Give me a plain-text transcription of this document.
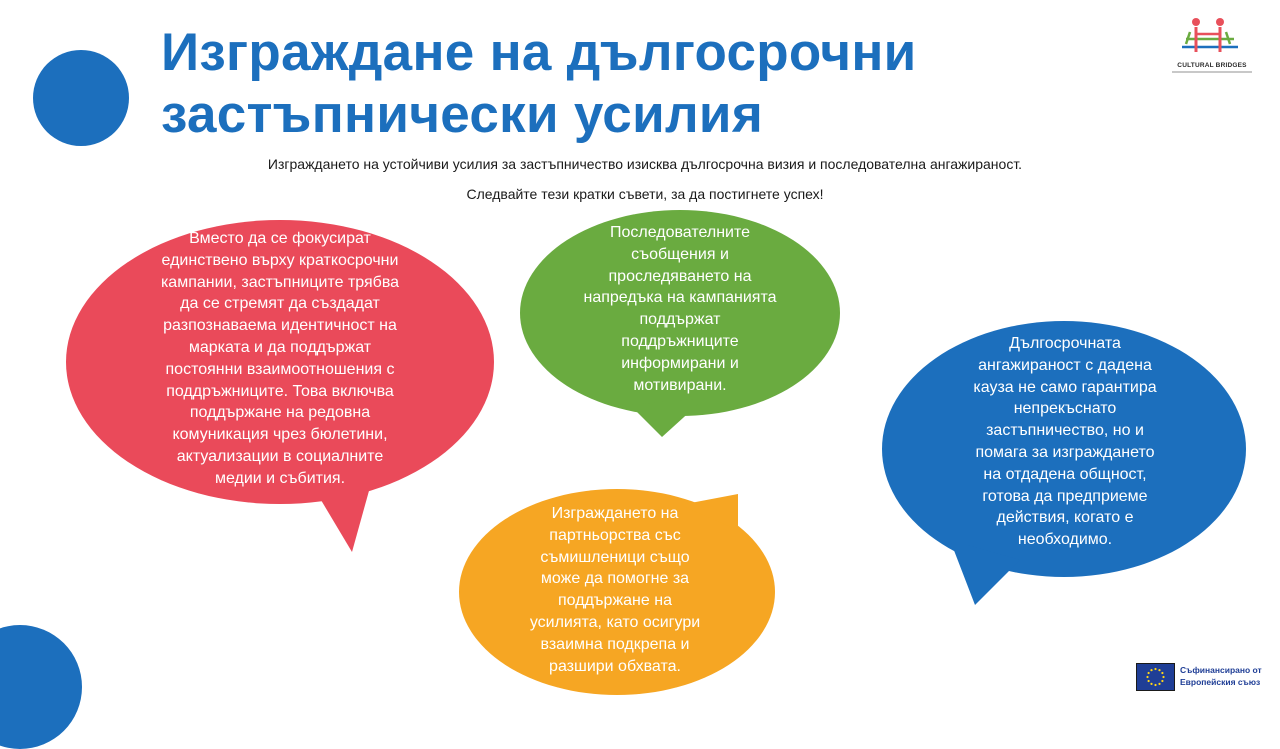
Изграждане на дългосрочни застъпнически усилия

Изграждането на устойчиви усилия за застъпничество изисква дългосрочна визия и последователна ангажираност.

Следвайте тези кратки съвети, за да постигнете успех!

Вместо да се фокусират
единствено върху краткосрочни
кампании, застъпниците трябва
да се стремят да създадат
разпознаваема идентичност на
марката и да поддържат
постоянни взаимоотношения с
поддръжниците. Това включва
поддържане на редовна
комуникация чрез бюлетини,
актуализации в социалните
медии и събития.

Последователните
съобщения и
проследяването на
напредъка на кампанията
поддържат
поддръжниците
информирани и
мотивирани.

Дългосрочната
ангажираност с дадена
кауза не само гарантира
непрекъснато
застъпничество, но и
помага за изграждането
на отдадена общност,
готова да предприеме
действия, когато е
необходимо.

Изграждането на
партньорства със
съмишленици също
може да помогне за
поддържане на
усилията, като осигури
взаимна подкрепа и
разшири обхвата.

CULTURAL BRIDGES
Съфинансирано от
Европейския съюз
